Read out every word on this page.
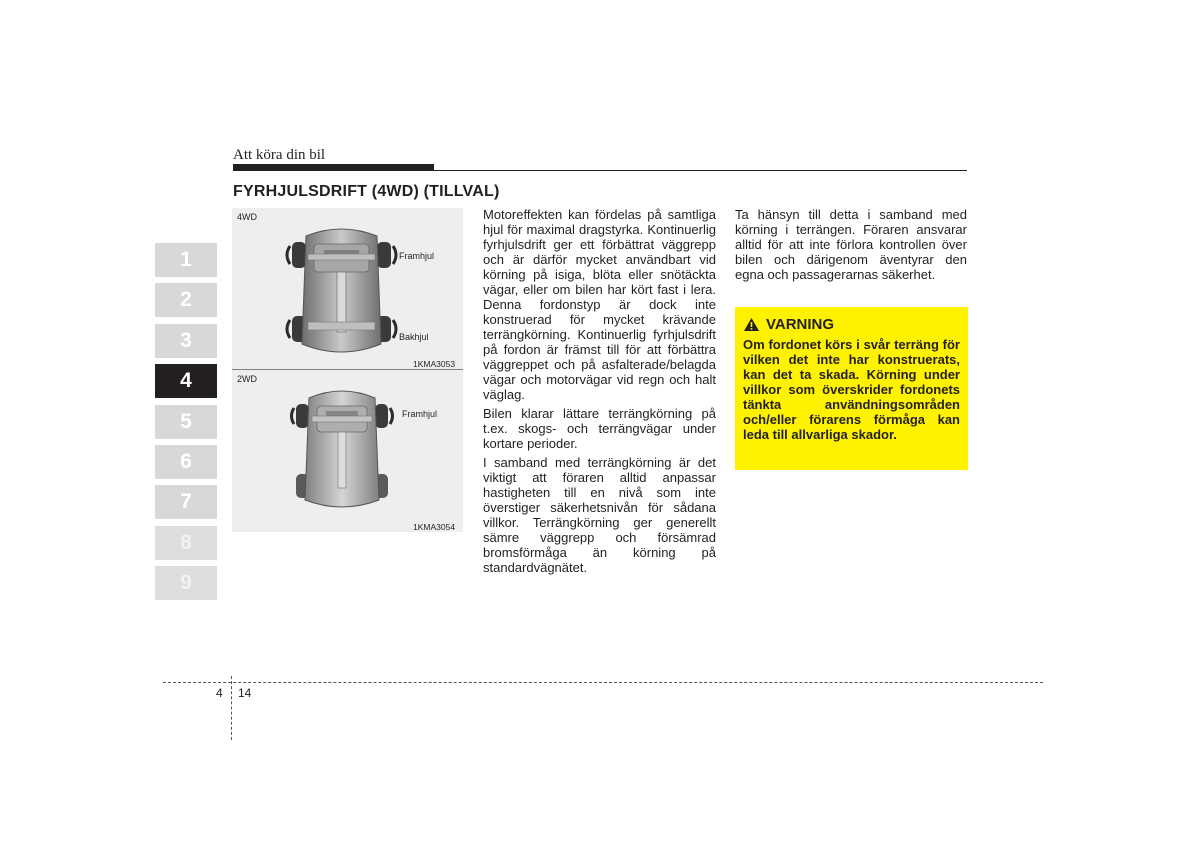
Att köra din bil
FYRHJULSDRIFT (4WD) (TILLVAL)
1
2
3
4
5
6
7
8
9
4WD
Framhjul
Bakhjul
1KMA3053
2WD
Framhjul
1KMA3054

Motoreffekten kan fördelas på samtliga hjul för maximal dragstyrka. Kontinuerlig fyrhjulsdrift ger ett förbättrat väggrepp och är därför mycket användbart vid körning på isiga, blöta eller snötäckta vägar, eller om bilen har kört fast i lera. Denna fordonstyp är dock inte konstruerad för mycket krävande terrängkörning. Kontinuerlig fyrhjulsdrift på fordon är främst till för att förbättra väggreppet och på asfalterade/belagda vägar och motorvägar vid regn och halt väglag.

Bilen klarar lättare terrängkörning på t.ex. skogs- och terrängvägar under kortare perioder.

I samband med terrängkörning är det viktigt att föraren alltid anpassar hastigheten till en nivå som inte överstiger säkerhetsnivån för sådana villkor. Terrängkörning ger generellt sämre väggrepp och försämrad bromsförmåga än körning på standardvägnätet.

Ta hänsyn till detta i samband med körning i terrängen. Föraren ansvarar alltid för att inte förlora kontrollen över bilen och därigenom äventyrar den egna och passagerarnas säkerhet.

VARNING
Om fordonet körs i svår terräng för vilken det inte har konstruerats, kan det ta skada. Körning under villkor som överskrider fordonets tänkta användningsområden och/eller förarens förmåga kan leda till allvarliga skador.
4 14
